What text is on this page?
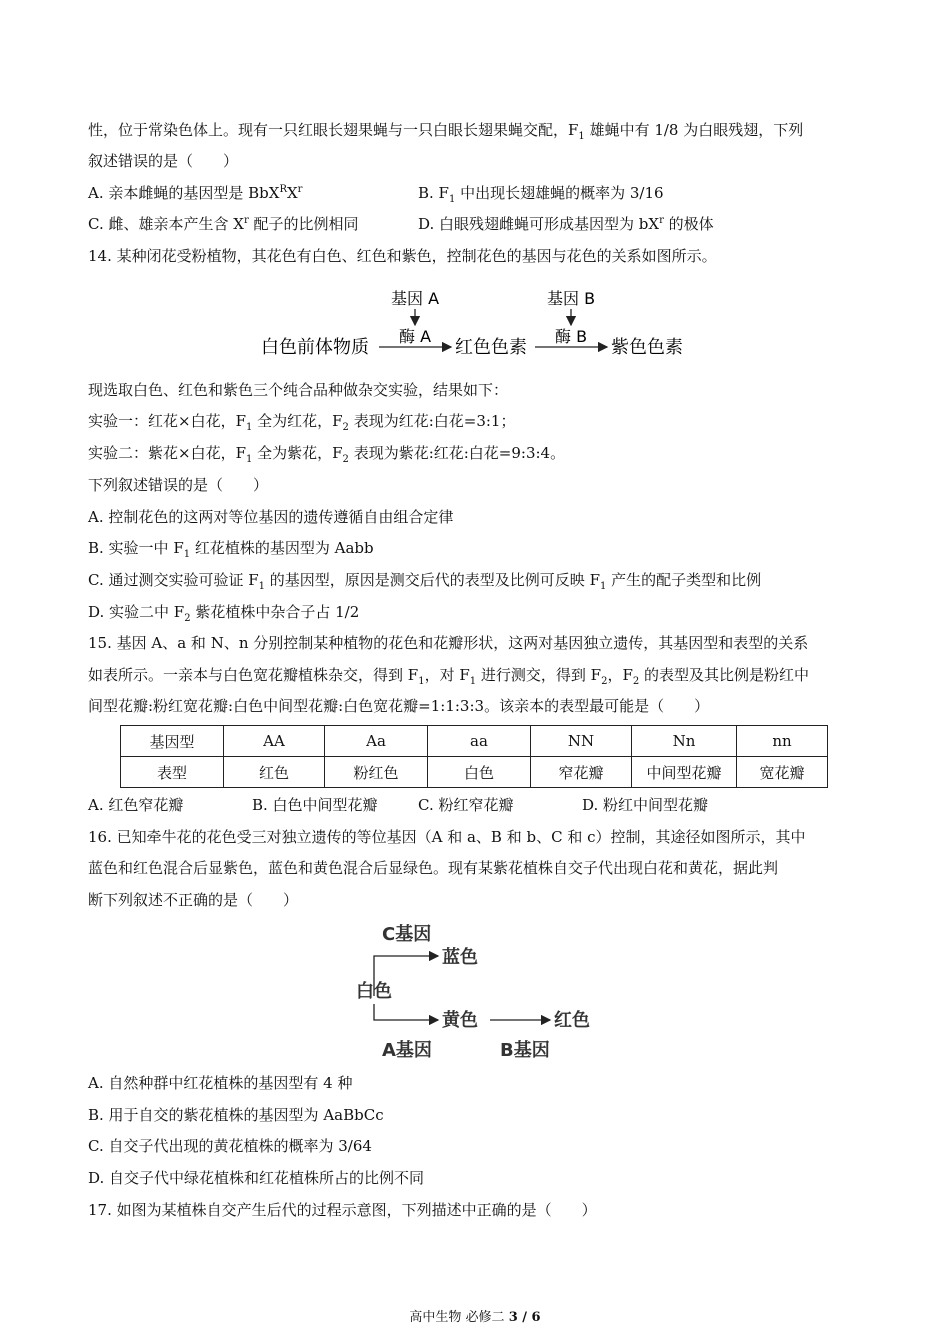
性，位于常染色体上。现有一只红眼长翅果蝇与一只白眼长翅果蝇交配，$F_1$ 雄蝇中有 1/8 为白眼残翅，下列
叙述错误的是（　　）
A. 亲本雌蝇的基因型是 $BbX^RX^r$	B. $F_1$ 中出现长翅雄蝇的概率为 3/16
C. 雌、雄亲本产生含 $X^r$ 配子的比例相同	D. 白眼残翅雌蝇可形成基因型为 $bX^r$ 的极体
14. 某种闭花受粉植物，其花色有白色、红色和紫色，控制花色的基因与花色的关系如图所示。
基因 A
酶 A
基因 B
酶 B
白色前体物质	红色色素	紫色色素
现选取白色、红色和紫色三个纯合品种做杂交实验，结果如下：
实验一：红花×白花，$F_1$ 全为红花，$F_2$ 表现为红花:白花=3:1；
实验二：紫花×白花，$F_1$ 全为紫花，$F_2$ 表现为紫花:红花:白花=9:3:4。
下列叙述错误的是（　　）
A. 控制花色的这两对等位基因的遗传遵循自由组合定律
B. 实验一中 $F_1$ 红花植株的基因型为 Aabb
C. 通过测交实验可验证 $F_1$ 的基因型，原因是测交后代的表型及比例可反映 $F_1$ 产生的配子类型和比例
D. 实验二中 $F_2$ 紫花植株中杂合子占 1/2
15. 基因 A、a 和 N、n 分别控制某种植物的花色和花瓣形状，这两对基因独立遗传，其基因型和表型的关系
如表所示。一亲本与白色宽花瓣植株杂交，得到 $F_1$，对 $F_1$ 进行测交，得到 $F_2$，$F_2$ 的表型及其比例是粉红中
间型花瓣:粉红宽花瓣:白色中间型花瓣:白色宽花瓣=1:1:3:3。该亲本的表型最可能是（　　）
基因型	AA	Aa	aa	NN	Nn	nn
表型	红色	粉红色	白色	窄花瓣	中间型花瓣	宽花瓣
A. 红色窄花瓣	B. 白色中间型花瓣	C. 粉红窄花瓣	D. 粉红中间型花瓣
16. 已知牵牛花的花色受三对独立遗传的等位基因（A 和 a、B 和 b、C 和 c）控制，其途径如图所示，其中
蓝色和红色混合后显紫色，蓝色和黄色混合后显绿色。现有某紫花植株自交子代出现白花和黄花，据此判
断下列叙述不正确的是（　　）
C基因
蓝色
白色
黄色	红色
A基因	B基因
A. 自然种群中红花植株的基因型有 4 种
B. 用于自交的紫花植株的基因型为 AaBbCc
C. 自交子代出现的黄花植株的概率为 3/64
D. 自交子代中绿花植株和红花植株所占的比例不同
17. 如图为某植株自交产生后代的过程示意图，下列描述中正确的是（　　）
高中生物 必修二 3 / 6
